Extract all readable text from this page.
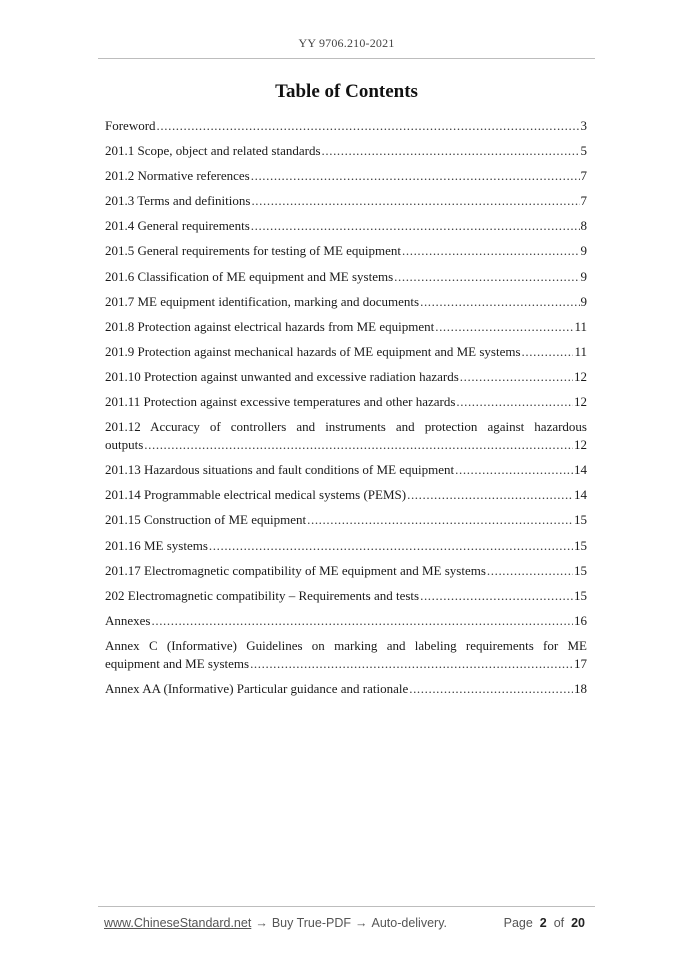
YY 9706.210-2021
Table of Contents
Foreword .....	3
201.1 Scope, object and related standards .....	5
201.2 Normative references .....	7
201.3 Terms and definitions .....	7
201.4 General requirements .....	8
201.5 General requirements for testing of ME equipment .....	9
201.6 Classification of ME equipment and ME systems .....	9
201.7 ME equipment identification, marking and documents .....	9
201.8 Protection against electrical hazards from ME equipment .....	11
201.9 Protection against mechanical hazards of ME equipment and ME systems .....	11
201.10 Protection against unwanted and excessive radiation hazards .....	12
201.11 Protection against excessive temperatures and other hazards .....	12
201.12 Accuracy of controllers and instruments and protection against hazardous
outputs .....	12
201.13 Hazardous situations and fault conditions of ME equipment .....	14
201.14 Programmable electrical medical systems (PEMS) .....	14
201.15 Construction of ME equipment .....	15
201.16 ME systems .....	15
201.17 Electromagnetic compatibility of ME equipment and ME systems .....	15
202 Electromagnetic compatibility – Requirements and tests .....	15
Annexes .....	16
Annex C (Informative) Guidelines on marking and labeling requirements for ME
equipment and ME systems .....	17
Annex AA (Informative) Particular guidance and rationale .....	18
www.ChineseStandard.net → Buy True-PDF → Auto-delivery.	Page 2 of 20
